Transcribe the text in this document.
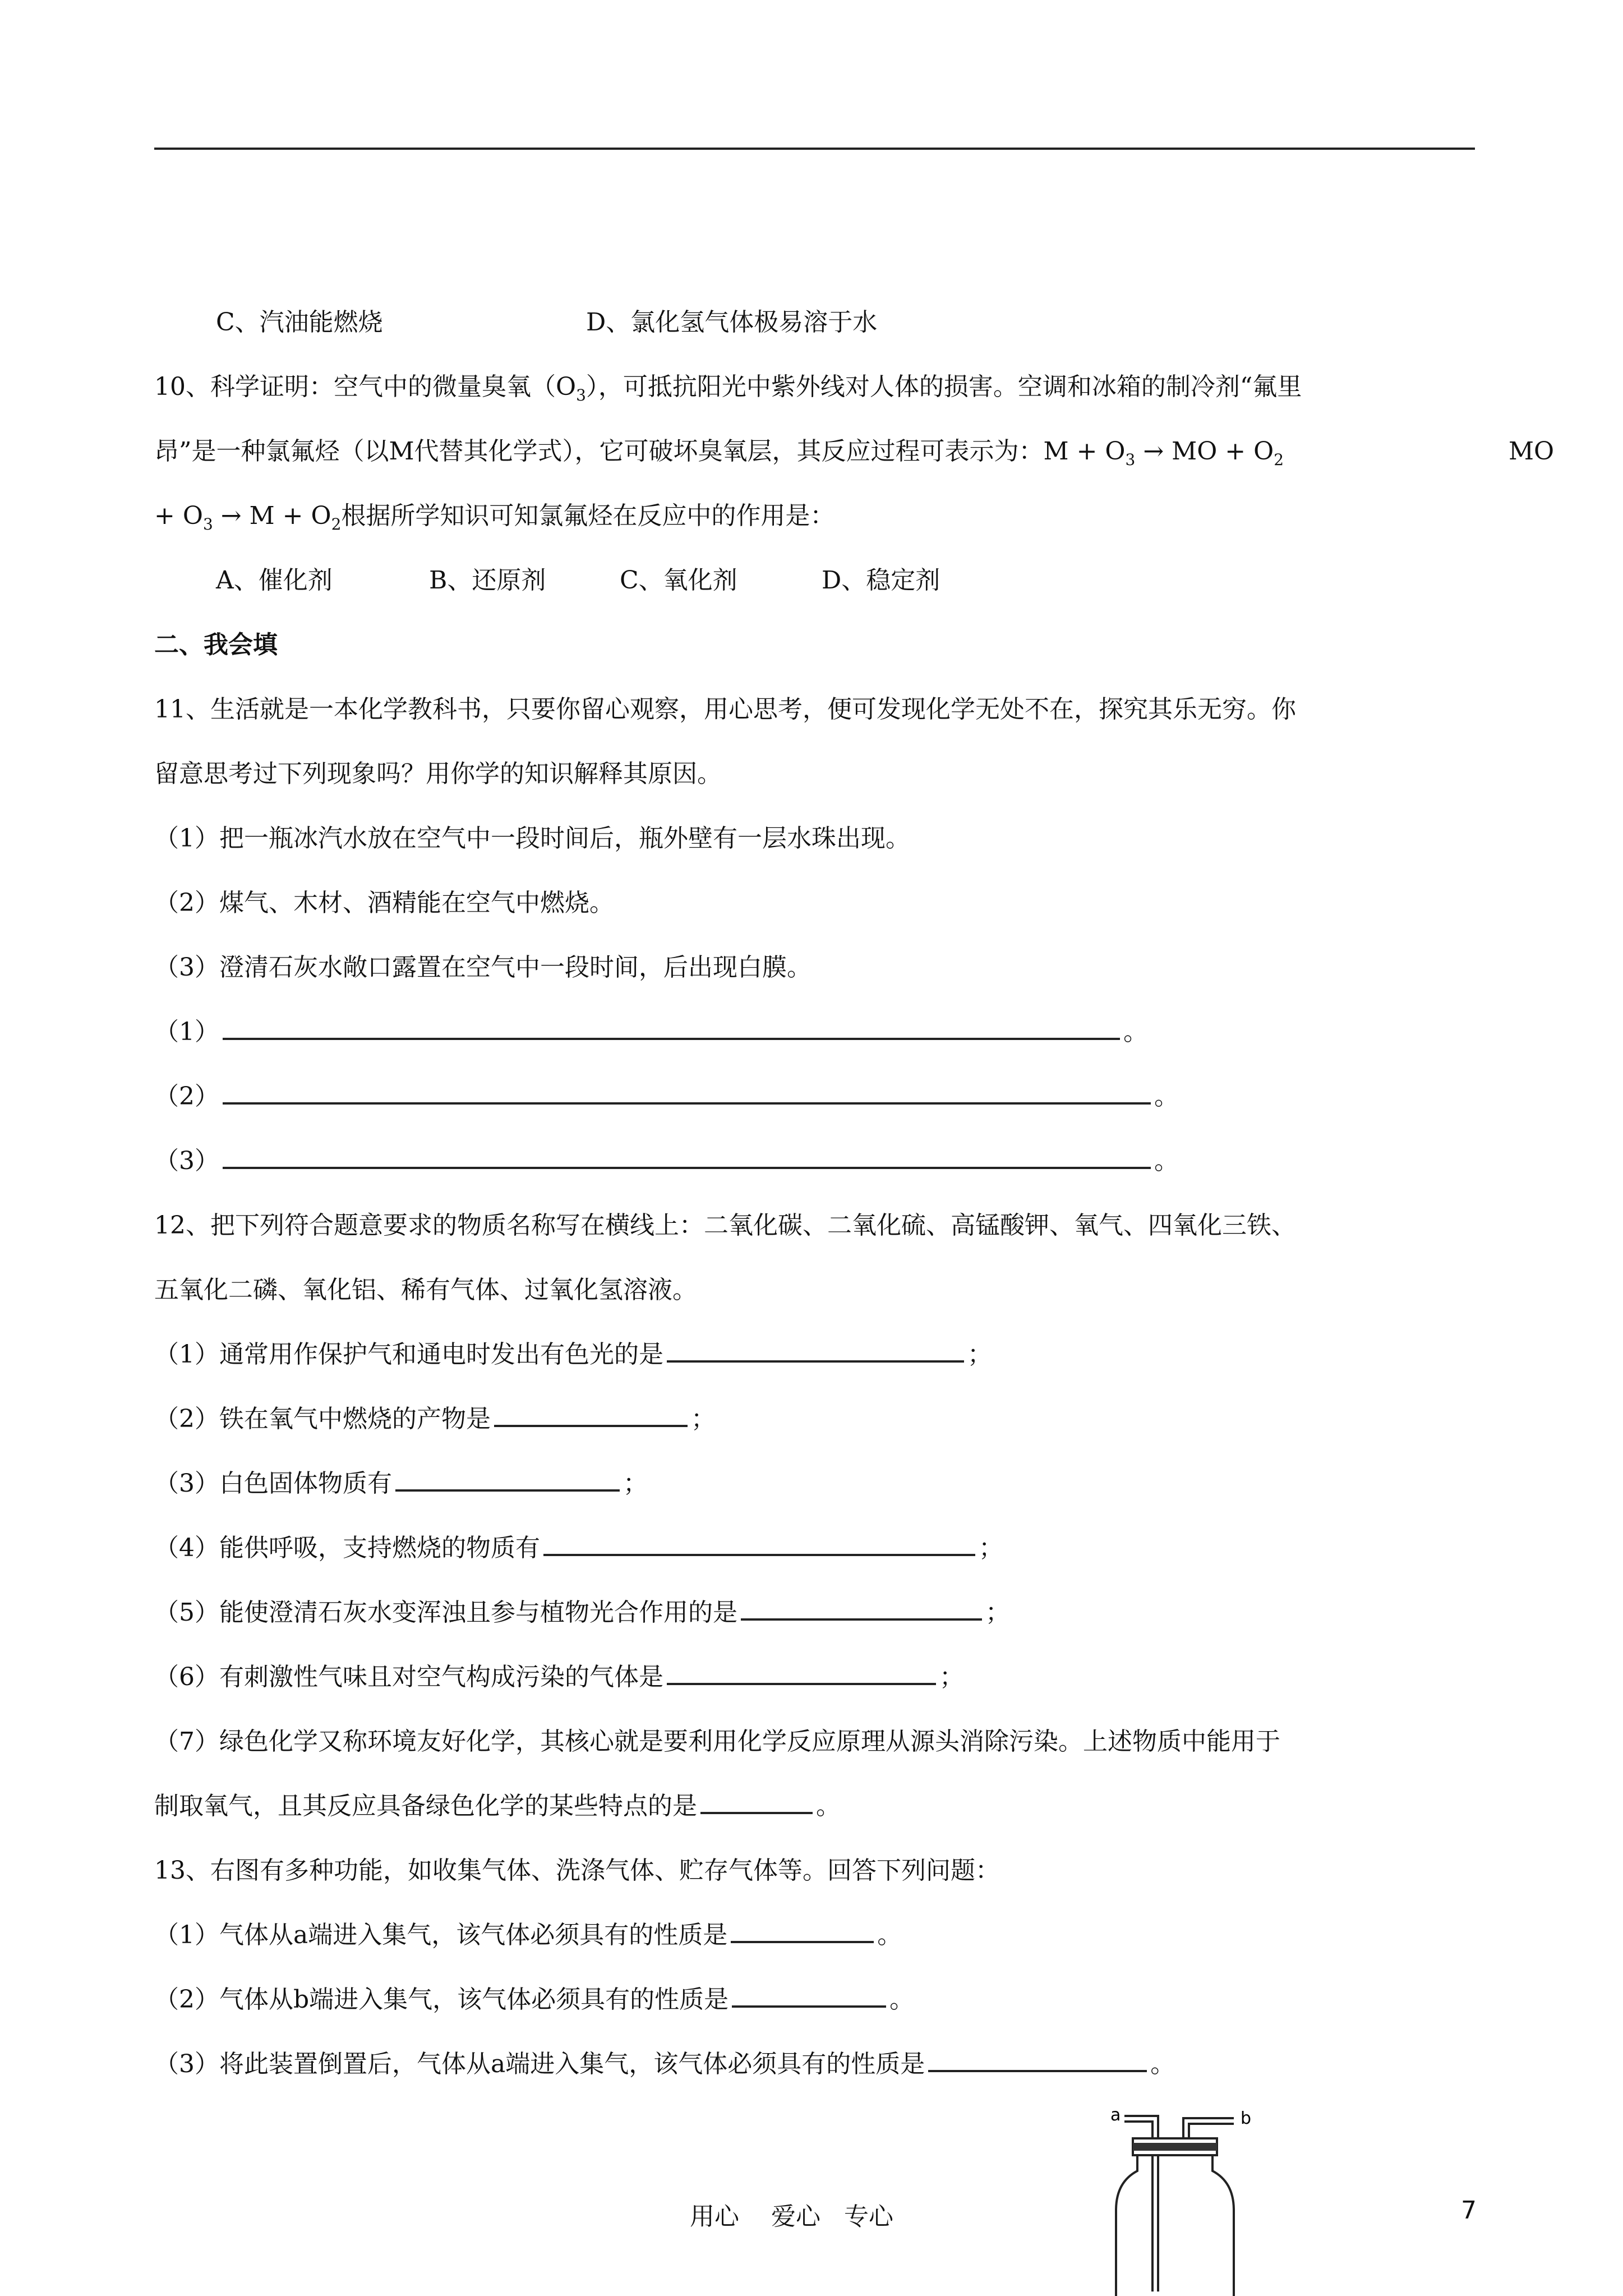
C、汽油能燃烧	D、氯化氢气体极易溶于水
10、科学证明：空气中的微量臭氧$(O_3)$，可抵抗阳光中紫外线对人体的损害。空调和冰箱的制冷剂“氟里
昂”是一种氯氟烃（以M代替其化学式），它可破坏臭氧层，其反应过程可表示为：$M + O_3$ → MO + $O_2$	MO
+ $O_3 \to M + O_2$根据所学知识可知氯氟烃在反应中的作用是：
A、催化剂	B、还原剂	C、氧化剂	D、稳定剂
二、我会填
11、生活就是一本化学教科书，只要你留心观察，用心思考，便可发现化学无处不在，探究其乐无穷。你
留意思考过下列现象吗？用你学的知识解释其原因。
（1）把一瓶冰汽水放在空气中一段时间后，瓶外壁有一层水珠出现。
（2）煤气、木材、酒精能在空气中燃烧。
（3）澄清石灰水敞口露置在空气中一段时间，后出现白膜。
（1）	。
（2）	。
（3）	。
12、把下列符合题意要求的物质名称写在横线上：二氧化碳、二氧化硫、高锰酸钾、氧气、四氧化三铁、
五氧化二磷、氧化铝、稀有气体、过氧化氢溶液。
（1）通常用作保护气和通电时发出有色光的是	；
（2）铁在氧气中燃烧的产物是	；
（3）白色固体物质有	；
（4）能供呼吸，支持燃烧的物质有	；
（5）能使澄清石灰水变浑浊且参与植物光合作用的是	；
（6）有刺激性气味且对空气构成污染的气体是	；
（7）绿色化学又称环境友好化学，其核心就是要利用化学反应原理从源头消除污染。上述物质中能用于
制取氧气，且其反应具备绿色化学的某些特点的是	。
13、右图有多种功能，如收集气体、洗涤气体、贮存气体等。回答下列问题：
（1）气体从a端进入集气，该气体必须具有的性质是	。
（2）气体从b端进入集气，该气体必须具有的性质是	。
（3）将此装置倒置后，气体从a端进入集气，该气体必须具有的性质是	。
a	b
用心 爱心 专心	7
